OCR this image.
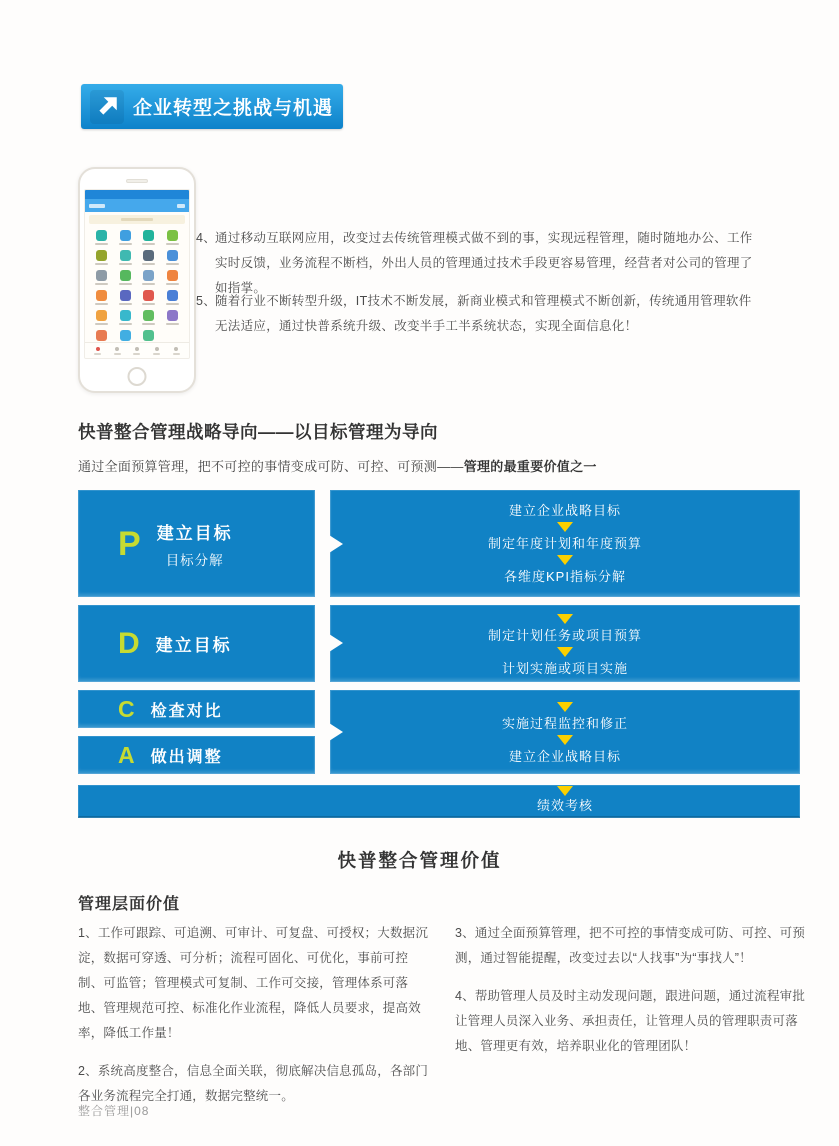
企业转型之挑战与机遇
4、
通过移动互联网应用，改变过去传统管理模式做不到的事，实现远程管理，随时随地办公、工作实时反馈，业务流程不断档，外出人员的管理通过技术手段更容易管理，经营者对公司的管理了如指掌。
5、
随着行业不断转型升级，IT技术不断发展，新商业模式和管理模式不断创新，传统通用管理软件无法适应，通过快普系统升级、改变半手工半系统状态，实现全面信息化！
快普整合管理战略导向——以目标管理为导向
通过全面预算管理，把不可控的事情变成可防、可控、可预测——管理的最重要价值之一
P 建立目标
目标分解
建立企业战略目标
制定年度计划和年度预算
各维度KPI指标分解
D 建立目标
制定计划任务或项目预算
计划实施或项目实施
C 检查对比
A 做出调整
实施过程监控和修正
建立企业战略目标
绩效考核
快普整合管理价值
管理层面价值

1、工作可跟踪、可追溯、可审计、可复盘、可授权；大数据沉淀，数据可穿透、可分析；流程可固化、可优化，事前可控制、可监管；管理模式可复制、工作可交接，管理体系可落地、管理规范可控、标准化作业流程，降低人员要求，提高效率，降低工作量！

2、系统高度整合，信息全面关联，彻底解决信息孤岛，各部门各业务流程完全打通，数据完整统一。

3、通过全面预算管理，把不可控的事情变成可防、可控、可预测，通过智能提醒，改变过去以“人找事”为“事找人”！

4、帮助管理人员及时主动发现问题，跟进问题，通过流程审批让管理人员深入业务、承担责任，让管理人员的管理职责可落地、管理更有效，培养职业化的管理团队！

整合管理|08
